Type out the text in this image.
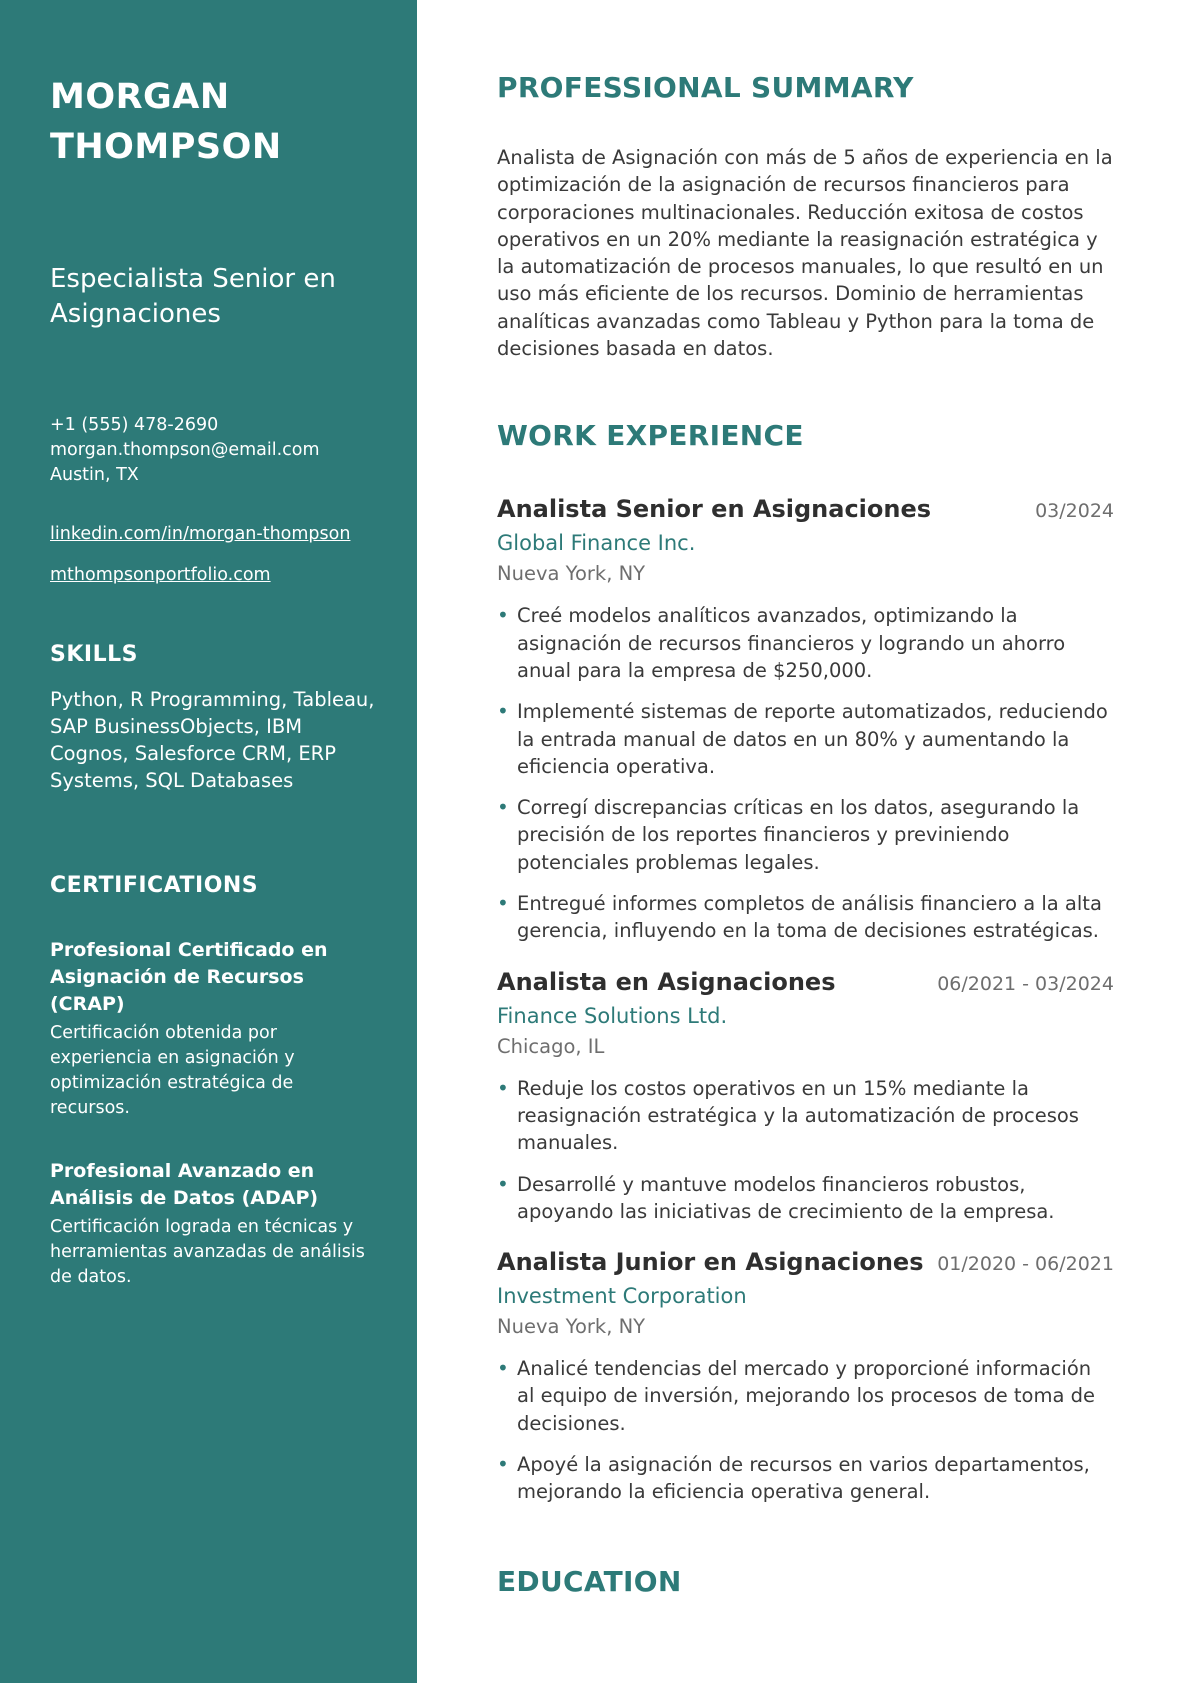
MORGAN
THOMPSON
Especialista Senior en Asignaciones
+1 (555) 478-2690
morgan.thompson@email.com
Austin, TX
linkedin.com/in/morgan-thompson
mthompsonportfolio.com
SKILLS
Python, R Programming, Tableau, SAP BusinessObjects, IBM Cognos, Salesforce CRM, ERP Systems, SQL Databases
CERTIFICATIONS
Profesional Certificado en Asignación de Recursos (CRAP)
Certificación obtenida por experiencia en asignación y optimización estratégica de recursos.
Profesional Avanzado en Análisis de Datos (ADAP)
Certificación lograda en técnicas y herramientas avanzadas de análisis de datos.
PROFESSIONAL SUMMARY

Analista de Asignación con más de 5 años de experiencia en la optimización de la asignación de recursos financieros para corporaciones multinacionales. Reducción exitosa de costos operativos en un 20% mediante la reasignación estratégica y la automatización de procesos manuales, lo que resultó en un uso más eficiente de los recursos. Dominio de herramientas analíticas avanzadas como Tableau y Python para la toma de decisiones basada en datos.

WORK EXPERIENCE
Analista Senior en Asignaciones	03/2024
Global Finance Inc.
Nueva York, NY
• Creé modelos analíticos avanzados, optimizando la asignación de recursos financieros y logrando un ahorro anual para la empresa de $250,000.
• Implementé sistemas de reporte automatizados, reduciendo la entrada manual de datos en un 80% y aumentando la eficiencia operativa.
• Corregí discrepancias críticas en los datos, asegurando la precisión de los reportes financieros y previniendo potenciales problemas legales.
• Entregué informes completos de análisis financiero a la alta gerencia, influyendo en la toma de decisiones estratégicas.
Analista en Asignaciones	06/2021 - 03/2024
Finance Solutions Ltd.
Chicago, IL
• Reduje los costos operativos en un 15% mediante la reasignación estratégica y la automatización de procesos manuales.
• Desarrollé y mantuve modelos financieros robustos, apoyando las iniciativas de crecimiento de la empresa.
Analista Junior en Asignaciones 01/2020 - 06/2021
Investment Corporation
Nueva York, NY
• Analicé tendencias del mercado y proporcioné información al equipo de inversión, mejorando los procesos de toma de decisiones.
• Apoyé la asignación de recursos en varios departamentos, mejorando la eficiencia operativa general.
EDUCATION
